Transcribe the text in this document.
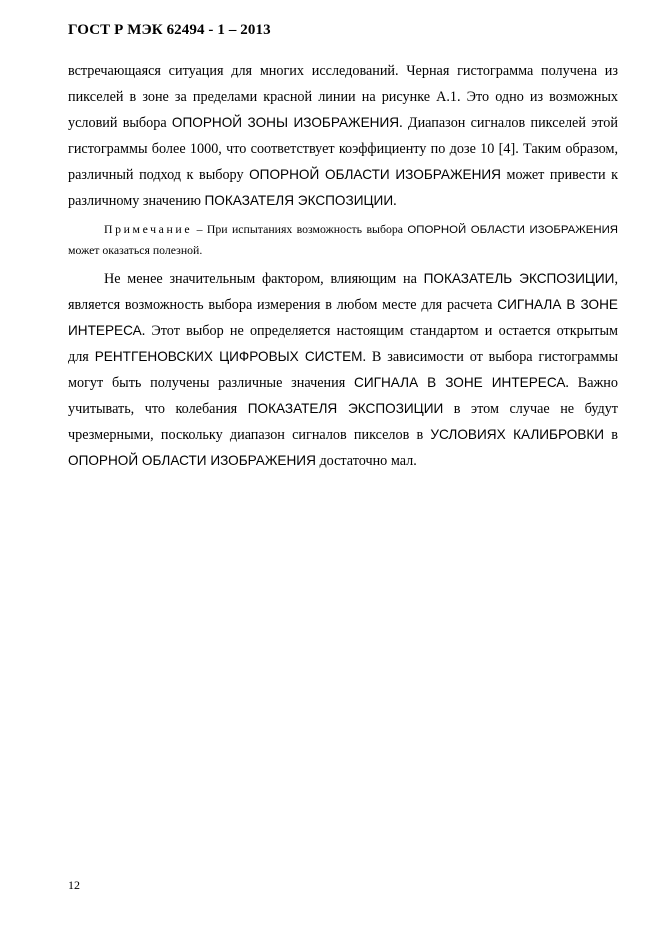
ГОСТ Р МЭК 62494 - 1 – 2013

встречающаяся ситуация для многих исследований. Черная гистограмма получена из пикселей в зоне за пределами красной линии на рисунке А.1. Это одно из возможных условий выбора ОПОРНОЙ ЗОНЫ ИЗОБРАЖЕНИЯ. Диапазон сигналов пикселей этой гистограммы более 1000, что соответствует коэффициенту по дозе 10 [4]. Таким образом, различный подход к выбору ОПОРНОЙ ОБЛАСТИ ИЗОБРАЖЕНИЯ может привести к различному значению ПОКАЗАТЕЛЯ ЭКСПОЗИЦИИ.

Примечание – При испытаниях возможность выбора ОПОРНОЙ ОБЛАСТИ ИЗОБРАЖЕНИЯ может оказаться полезной.

Не менее значительным фактором, влияющим на ПОКАЗАТЕЛЬ ЭКСПОЗИЦИИ, является возможность выбора измерения в любом месте для расчета СИГНАЛА В ЗОНЕ ИНТЕРЕСА. Этот выбор не определяется настоящим стандартом и остается открытым для РЕНТГЕНОВСКИХ ЦИФРОВЫХ СИСТЕМ. В зависимости от выбора гистограммы могут быть получены различные значения СИГНАЛА В ЗОНЕ ИНТЕРЕСА. Важно учитывать, что колебания ПОКАЗАТЕЛЯ ЭКСПОЗИЦИИ в этом случае не будут чрезмерными, поскольку диапазон сигналов пикселов в УСЛОВИЯХ КАЛИБРОВКИ в ОПОРНОЙ ОБЛАСТИ ИЗОБРАЖЕНИЯ достаточно мал.

12
